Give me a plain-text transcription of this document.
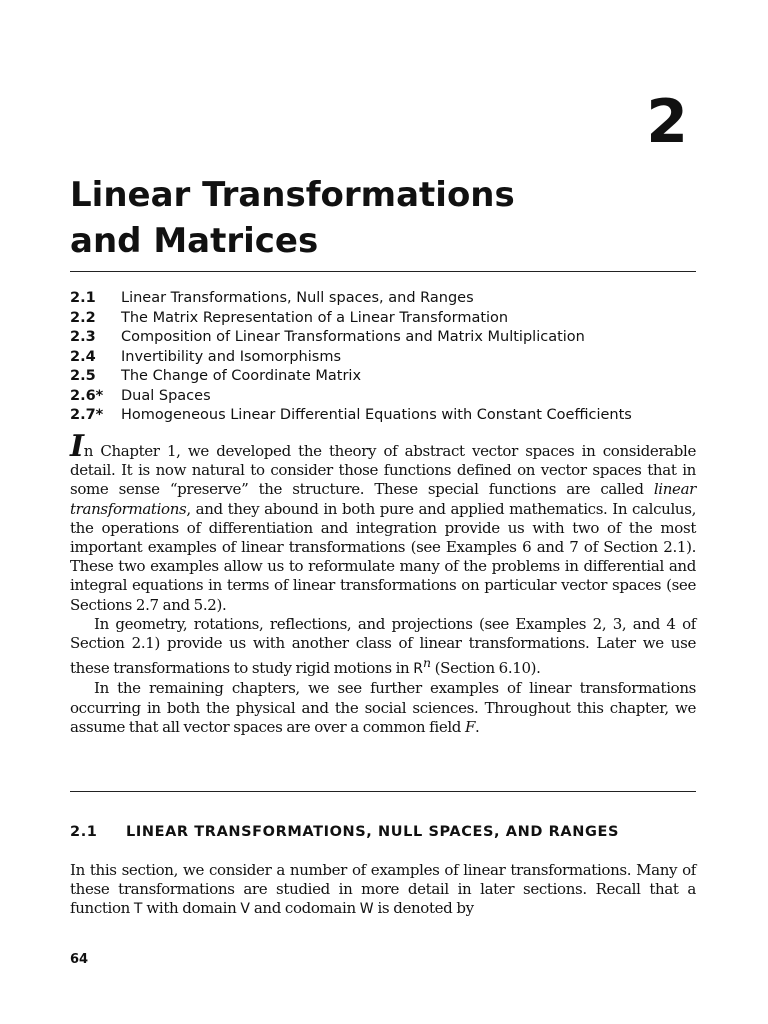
2
Linear Transformations
and Matrices
2.1	Linear Transformations, Null spaces, and Ranges
2.2	The Matrix Representation of a Linear Transformation
2.3	Composition of Linear Transformations and Matrix Multiplication
2.4	Invertibility and Isomorphisms
2.5	The Change of Coordinate Matrix
2.6*	Dual Spaces
2.7*	Homogeneous Linear Differential Equations with Constant Coefficients

In Chapter 1, we developed the theory of abstract vector spaces in considerable detail. It is now natural to consider those functions defined on vector spaces that in some sense “preserve” the structure. These special functions are called linear transformations, and they abound in both pure and applied mathematics. In calculus, the operations of differentiation and integration provide us with two of the most important examples of linear transformations (see Examples 6 and 7 of Section 2.1). These two examples allow us to reformulate many of the problems in differential and integral equations in terms of linear transformations on particular vector spaces (see Sections 2.7 and 5.2).

In geometry, rotations, reflections, and projections (see Examples 2, 3, and 4 of Section 2.1) provide us with another class of linear transformations. Later we use these transformations to study rigid motions in $R^n$ (Section 6.10).

In the remaining chapters, we see further examples of linear transformations occurring in both the physical and the social sciences. Throughout this chapter, we assume that all vector spaces are over a common field F.

2.1 LINEAR TRANSFORMATIONS, NULL SPACES, AND RANGES

In this section, we consider a number of examples of linear transformations. Many of these transformations are studied in more detail in later sections. Recall that a function T with domain V and codomain W is denoted by

64
